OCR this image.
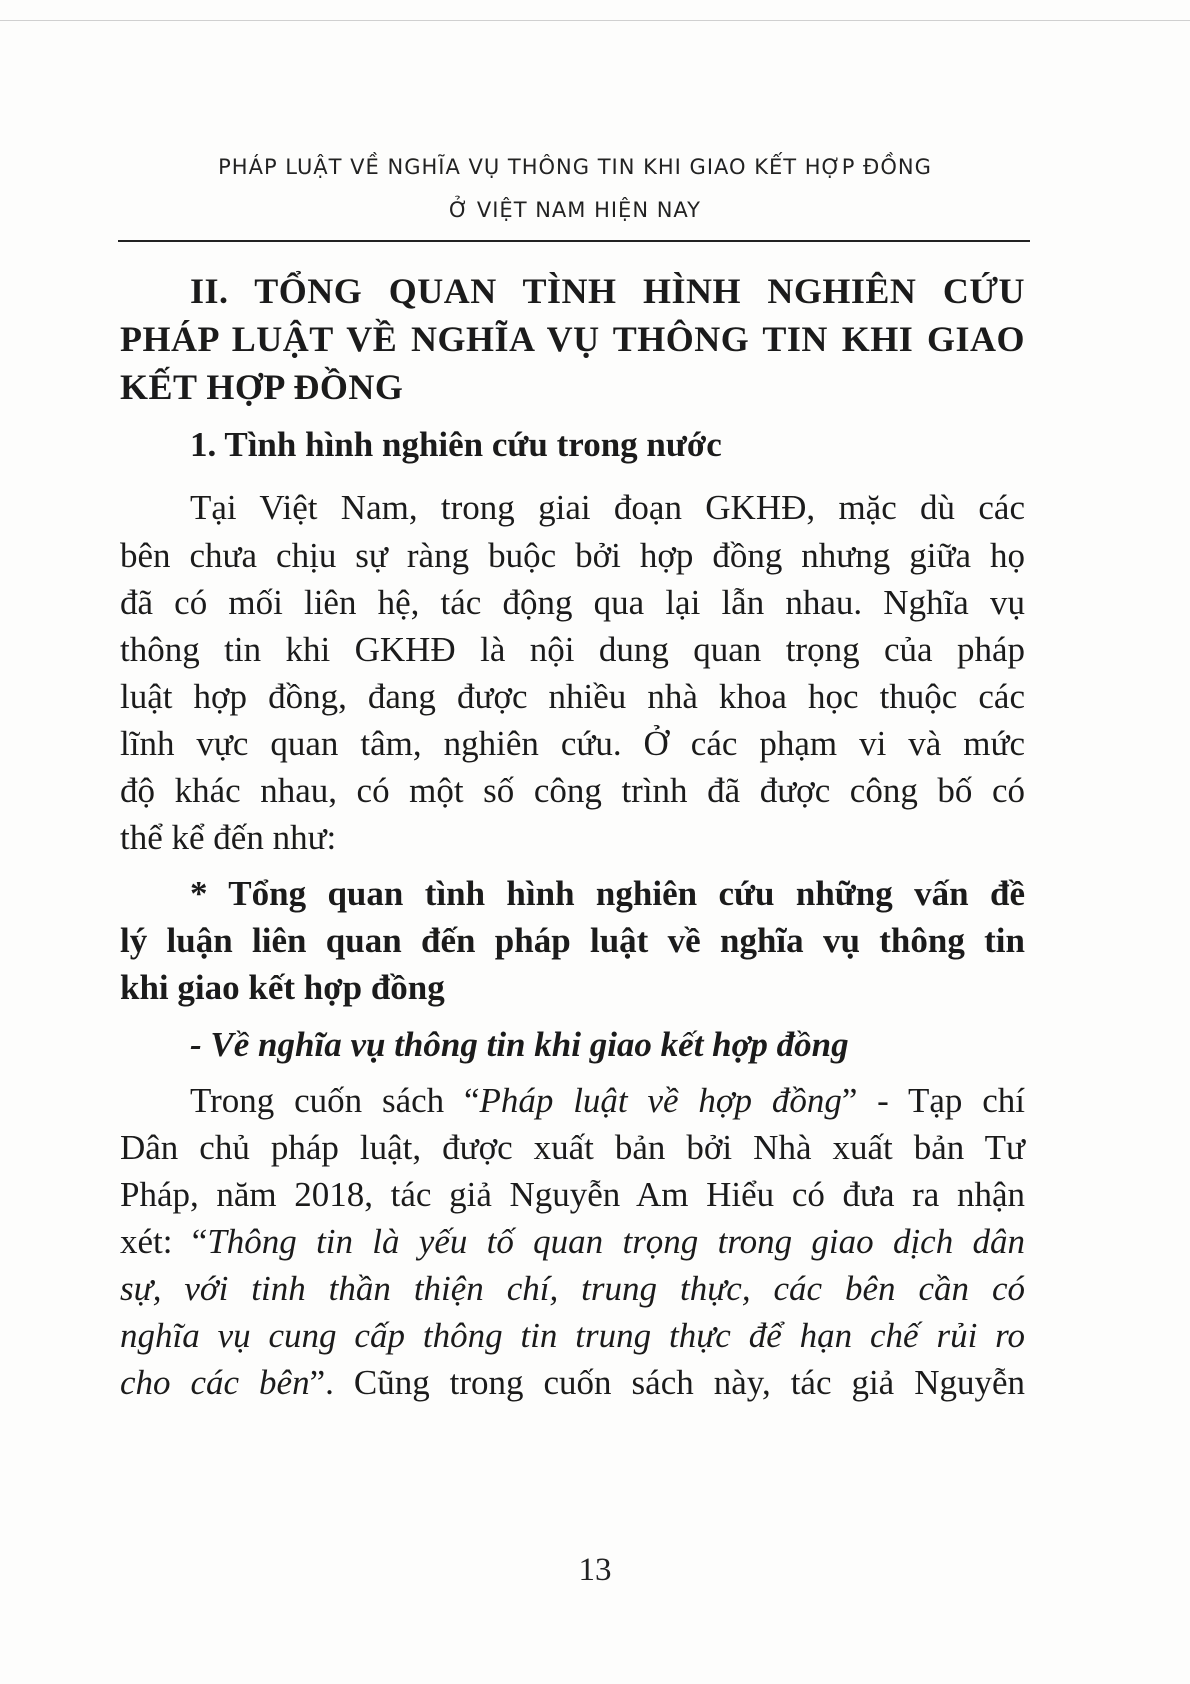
PHÁP LUẬT VỀ NGHĨA VỤ THÔNG TIN KHI GIAO KẾT HỢP ĐỒNG
Ở VIỆT NAM HIỆN NAY
II. TỔNG QUAN TÌNH HÌNH NGHIÊN CỨU
PHÁP LUẬT VỀ NGHĨA VỤ THÔNG TIN KHI GIAO
KẾT HỢP ĐỒNG
1. Tình hình nghiên cứu trong nước
Tại Việt Nam, trong giai đoạn GKHĐ, mặc dù các
bên chưa chịu sự ràng buộc bởi hợp đồng nhưng giữa họ
đã có mối liên hệ, tác động qua lại lẫn nhau. Nghĩa vụ
thông tin khi GKHĐ là nội dung quan trọng của pháp
luật hợp đồng, đang được nhiều nhà khoa học thuộc các
lĩnh vực quan tâm, nghiên cứu. Ở các phạm vi và mức
độ khác nhau, có một số công trình đã được công bố có
thể kể đến như:
* Tổng quan tình hình nghiên cứu những vấn đề
lý luận liên quan đến pháp luật về nghĩa vụ thông tin
khi giao kết hợp đồng
- Về nghĩa vụ thông tin khi giao kết hợp đồng
Trong cuốn sách “Pháp luật về hợp đồng” - Tạp chí
Dân chủ pháp luật, được xuất bản bởi Nhà xuất bản Tư
Pháp, năm 2018, tác giả Nguyễn Am Hiểu có đưa ra nhận
xét: “Thông tin là yếu tố quan trọng trong giao dịch dân
sự, với tinh thần thiện chí, trung thực, các bên cần có
nghĩa vụ cung cấp thông tin trung thực để hạn chế rủi ro
cho các bên”. Cũng trong cuốn sách này, tác giả Nguyễn
13
